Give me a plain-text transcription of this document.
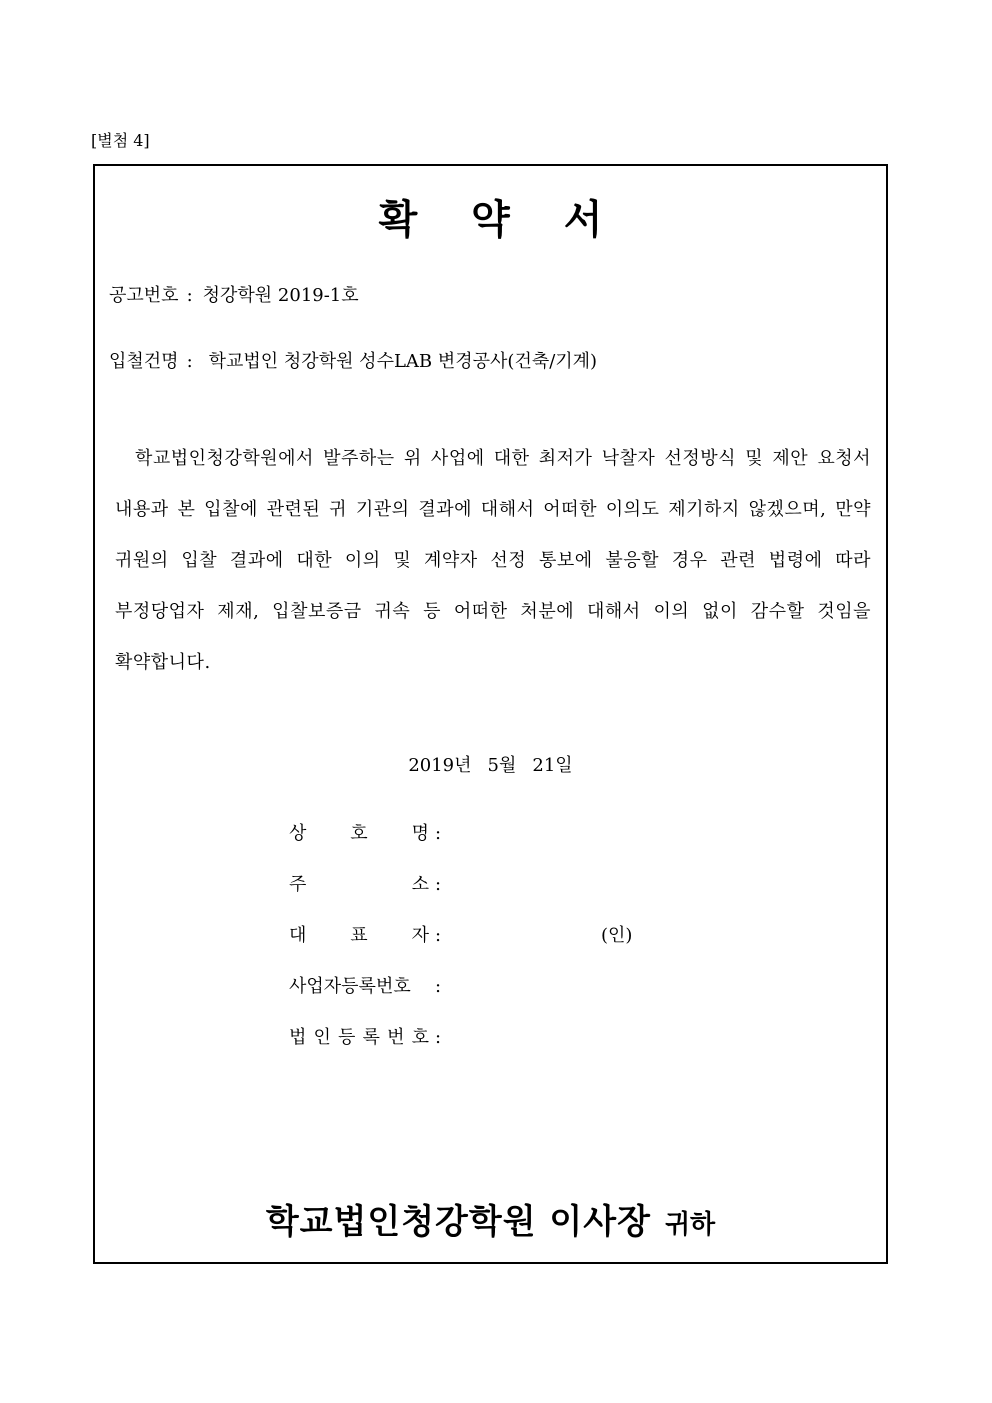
[별첨 4]
확 약 서
공고번호 : 청강학원 2019-1호
입철건명 : 학교법인 청강학원 성수LAB 변경공사(건축/기계)
학교법인청강학원에서 발주하는 위 사업에 대한 최저가 낙찰자 선정방식 및 제안 요청서 내용과 본 입찰에 관련된 귀 기관의 결과에 대해서 어떠한 이의도 제기하지 않겠으며, 만약 귀원의 입찰 결과에 대한 이의 및 계약자 선정 통보에 불응할 경우 관련 법령에 따라 부정당업자 제재, 입찰보증금 귀속 등 어떠한 처분에 대해서 이의 없이 감수할 것임을 확약합니다.
2019년 5월 21일
상 호 명 :
주	소 :
대 표 자 :	(인)
사업자등록번호 :
법 인 등 록 번 호 :
학교법인청강학원 이사장 귀하
